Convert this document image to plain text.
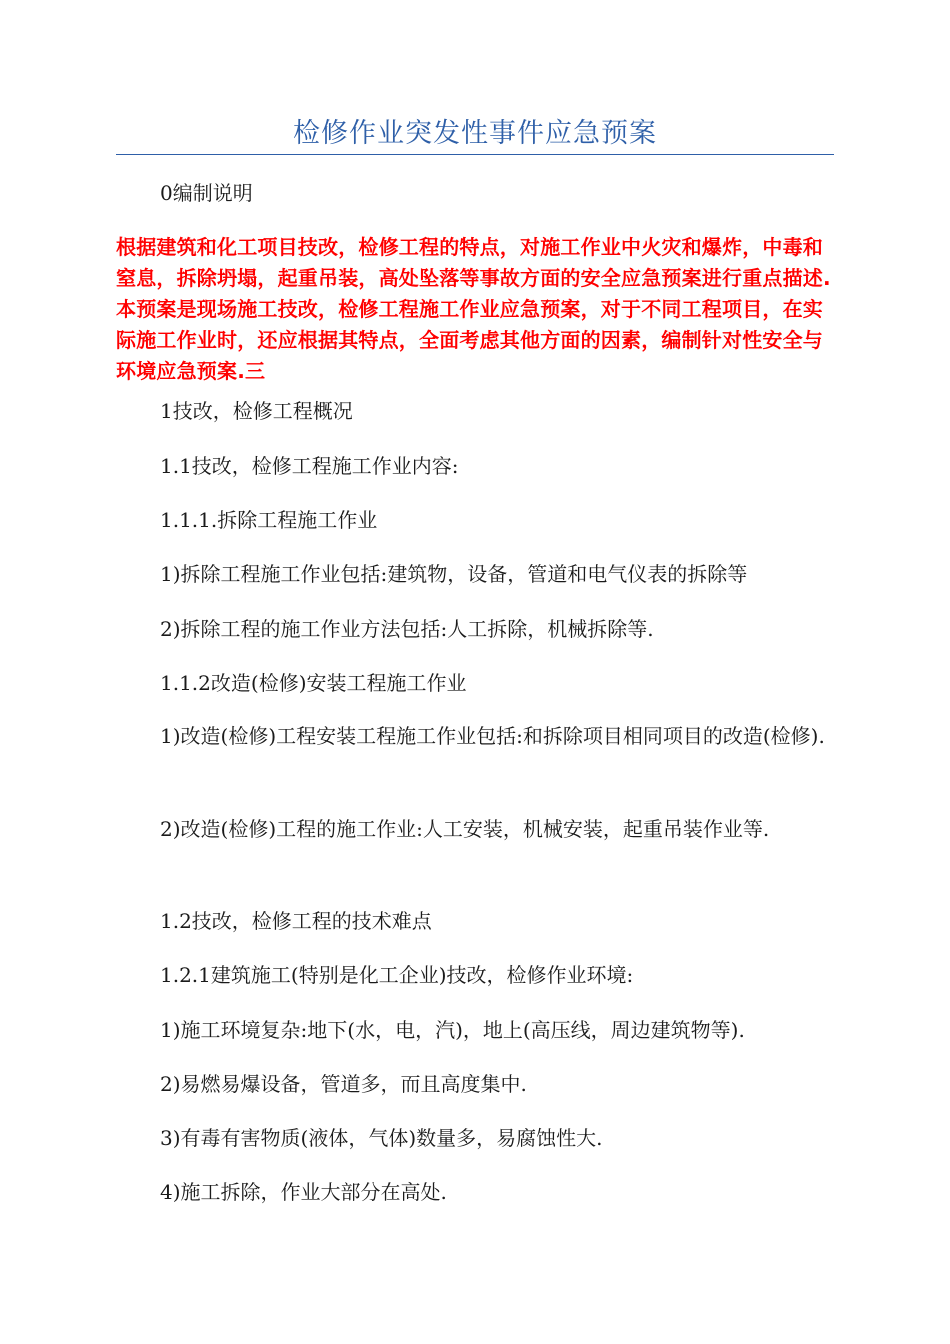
检修作业突发性事件应急预案

0编制说明

根据建筑和化工项目技改，检修工程的特点，对施工作业中火灾和爆炸，中毒和窒息，拆除坍塌，起重吊装，高处坠落等事故方面的安全应急预案进行重点描述.本预案是现场施工技改，检修工程施工作业应急预案，对于不同工程项目，在实际施工作业时，还应根据其特点，全面考虑其他方面的因素，编制针对性安全与环境应急预案.三

1技改，检修工程概况

1.1技改，检修工程施工作业内容:

1.1.1.拆除工程施工作业

1)拆除工程施工作业包括:建筑物，设备，管道和电气仪表的拆除等

2)拆除工程的施工作业方法包括:人工拆除，机械拆除等.

1.1.2改造(检修)安装工程施工作业

1)改造(检修)工程安装工程施工作业包括:和拆除项目相同项目的改造(检修).

2)改造(检修)工程的施工作业:人工安装，机械安装，起重吊装作业等.

1.2技改，检修工程的技术难点

1.2.1建筑施工(特别是化工企业)技改，检修作业环境:

1)施工环境复杂:地下(水，电，汽)，地上(高压线，周边建筑物等).

2)易燃易爆设备，管道多，而且高度集中.

3)有毒有害物质(液体，气体)数量多，易腐蚀性大.

4)施工拆除，作业大部分在高处.
